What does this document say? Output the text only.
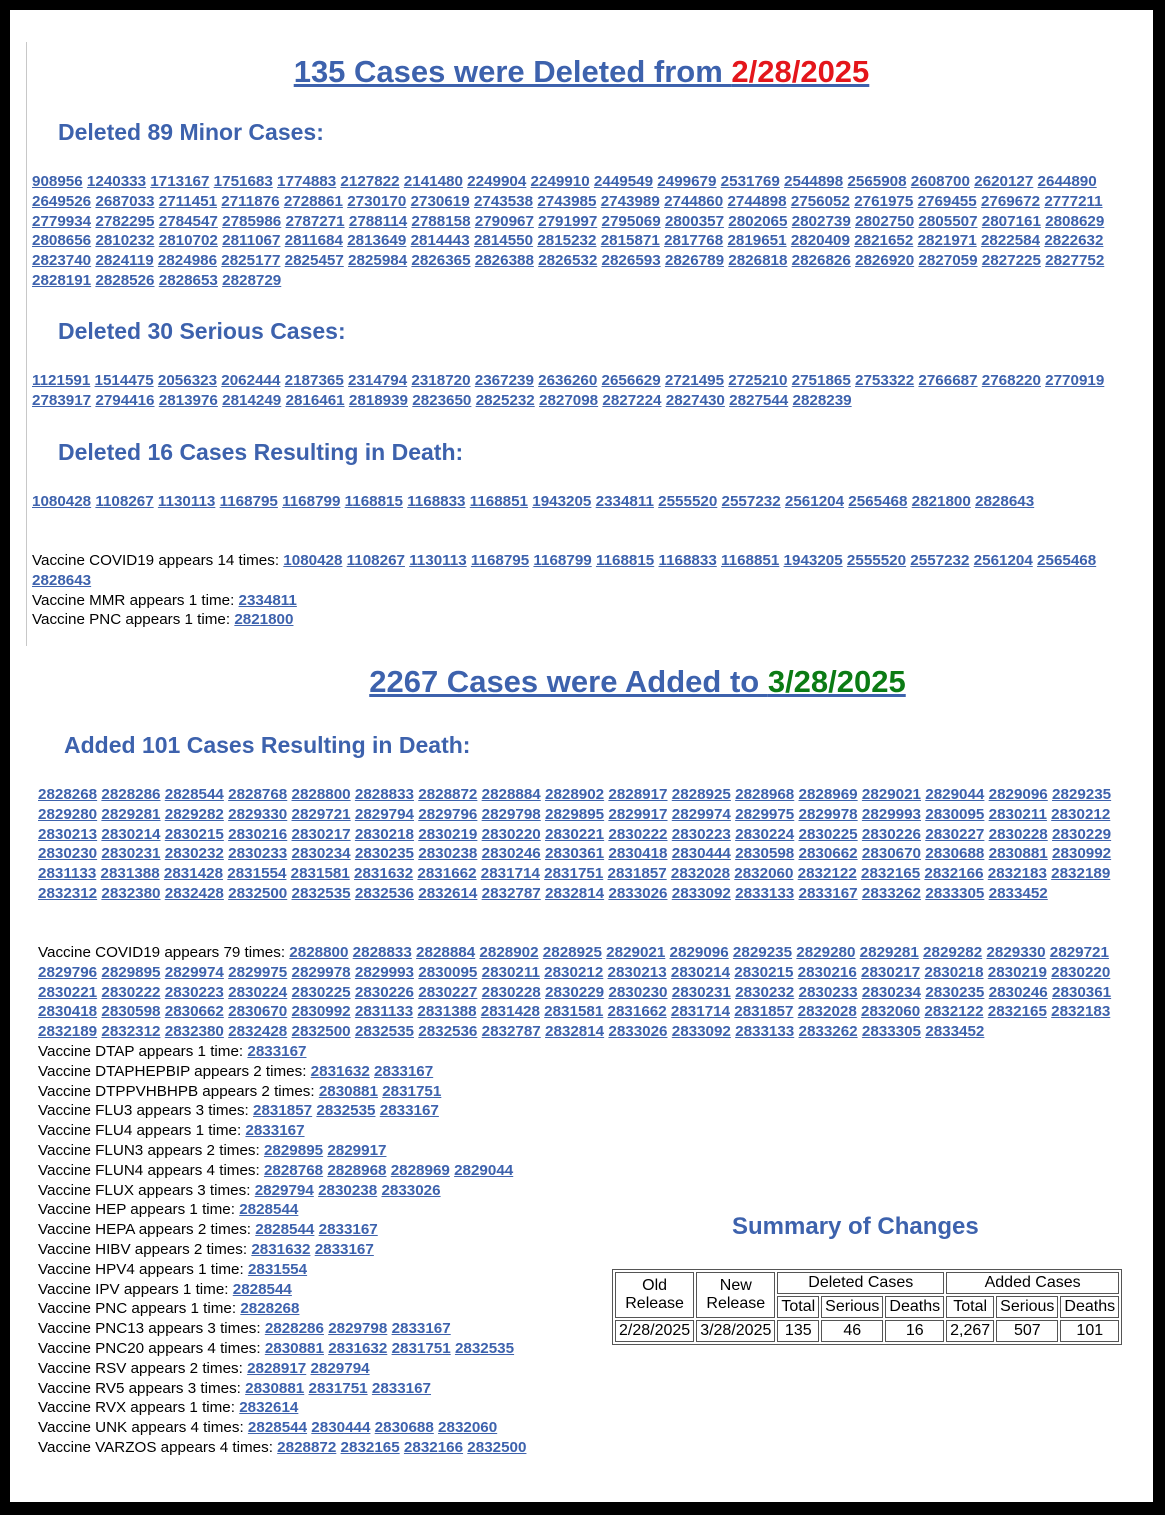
135 Cases were Deleted from 2/28/2025
Deleted 89 Minor Cases:
908956 1240333 1713167 1751683 1774883 2127822 2141480 2249904 2249910 2449549 2499679 2531769 2544898 2565908 2608700 2620127 2644890 2649526 2687033 2711451 2711876 2728861 2730170 2730619 2743538 2743985 2743989 2744860 2744898 2756052 2761975 2769455 2769672 2777211 2779934 2782295 2784547 2785986 2787271 2788114 2788158 2790967 2791997 2795069 2800357 2802065 2802739 2802750 2805507 2807161 2808629 2808656 2810232 2810702 2811067 2811684 2813649 2814443 2814550 2815232 2815871 2817768 2819651 2820409 2821652 2821971 2822584 2822632 2823740 2824119 2824986 2825177 2825457 2825984 2826365 2826388 2826532 2826593 2826789 2826818 2826826 2826920 2827059 2827225 2827752 2828191 2828526 2828653 2828729
Deleted 30 Serious Cases:
1121591 1514475 2056323 2062444 2187365 2314794 2318720 2367239 2636260 2656629 2721495 2725210 2751865 2753322 2766687 2768220 2770919 2783917 2794416 2813976 2814249 2816461 2818939 2823650 2825232 2827098 2827224 2827430 2827544 2828239
Deleted 16 Cases Resulting in Death:
1080428 1108267 1130113 1168795 1168799 1168815 1168833 1168851 1943205 2334811 2555520 2557232 2561204 2565468 2821800 2828643
Vaccine COVID19 appears 14 times: 1080428 1108267 1130113 1168795 1168799 1168815 1168833 1168851 1943205 2555520 2557232 2561204 2565468 2828643
Vaccine MMR appears 1 time: 2334811
Vaccine PNC appears 1 time: 2821800
2267 Cases were Added to 3/28/2025
Added 101 Cases Resulting in Death:
2828268 2828286 2828544 2828768 2828800 2828833 2828872 2828884 2828902 2828917 2828925 2828968 2828969 2829021 2829044 2829096 2829235 2829280 2829281 2829282 2829330 2829721 2829794 2829796 2829798 2829895 2829917 2829974 2829975 2829978 2829993 2830095 2830211 2830212 2830213 2830214 2830215 2830216 2830217 2830218 2830219 2830220 2830221 2830222 2830223 2830224 2830225 2830226 2830227 2830228 2830229 2830230 2830231 2830232 2830233 2830234 2830235 2830238 2830246 2830361 2830418 2830444 2830598 2830662 2830670 2830688 2830881 2830992 2831133 2831388 2831428 2831554 2831581 2831632 2831662 2831714 2831751 2831857 2832028 2832060 2832122 2832165 2832166 2832183 2832189 2832312 2832380 2832428 2832500 2832535 2832536 2832614 2832787 2832814 2833026 2833092 2833133 2833167 2833262 2833305 2833452
Vaccine COVID19 appears 79 times: 2828800 2828833 2828884 2828902 2828925 2829021 2829096 2829235 2829280 2829281 2829282 2829330 2829721 2829796 2829895 2829974 2829975 2829978 2829993 2830095 2830211 2830212 2830213 2830214 2830215 2830216 2830217 2830218 2830219 2830220 2830221 2830222 2830223 2830224 2830225 2830226 2830227 2830228 2830229 2830230 2830231 2830232 2830233 2830234 2830235 2830246 2830361 2830418 2830598 2830662 2830670 2830992 2831133 2831388 2831428 2831581 2831662 2831714 2831857 2832028 2832060 2832122 2832165 2832183 2832189 2832312 2832380 2832428 2832500 2832535 2832536 2832787 2832814 2833026 2833092 2833133 2833262 2833305 2833452
Vaccine DTAP appears 1 time: 2833167
Vaccine DTAPHEPBIP appears 2 times: 2831632 2833167
Vaccine DTPPVHBHPB appears 2 times: 2830881 2831751
Vaccine FLU3 appears 3 times: 2831857 2832535 2833167
Vaccine FLU4 appears 1 time: 2833167
Vaccine FLUN3 appears 2 times: 2829895 2829917
Vaccine FLUN4 appears 4 times: 2828768 2828968 2828969 2829044
Vaccine FLUX appears 3 times: 2829794 2830238 2833026
Vaccine HEP appears 1 time: 2828544
Vaccine HEPA appears 2 times: 2828544 2833167
Vaccine HIBV appears 2 times: 2831632 2833167
Vaccine HPV4 appears 1 time: 2831554
Vaccine IPV appears 1 time: 2828544
Vaccine PNC appears 1 time: 2828268
Vaccine PNC13 appears 3 times: 2828286 2829798 2833167
Vaccine PNC20 appears 4 times: 2830881 2831632 2831751 2832535
Vaccine RSV appears 2 times: 2828917 2829794
Vaccine RV5 appears 3 times: 2830881 2831751 2833167
Vaccine RVX appears 1 time: 2832614
Vaccine UNK appears 4 times: 2828544 2830444 2830688 2832060
Vaccine VARZOS appears 4 times: 2828872 2832165 2832166 2832500
Summary of Changes
Old
Release	New
Release	Deleted Cases			Added Cases		
		Total	Serious	Deaths	Total	Serious	Deaths
2/28/2025	3/28/2025	135	46	16	2,267	507	101
